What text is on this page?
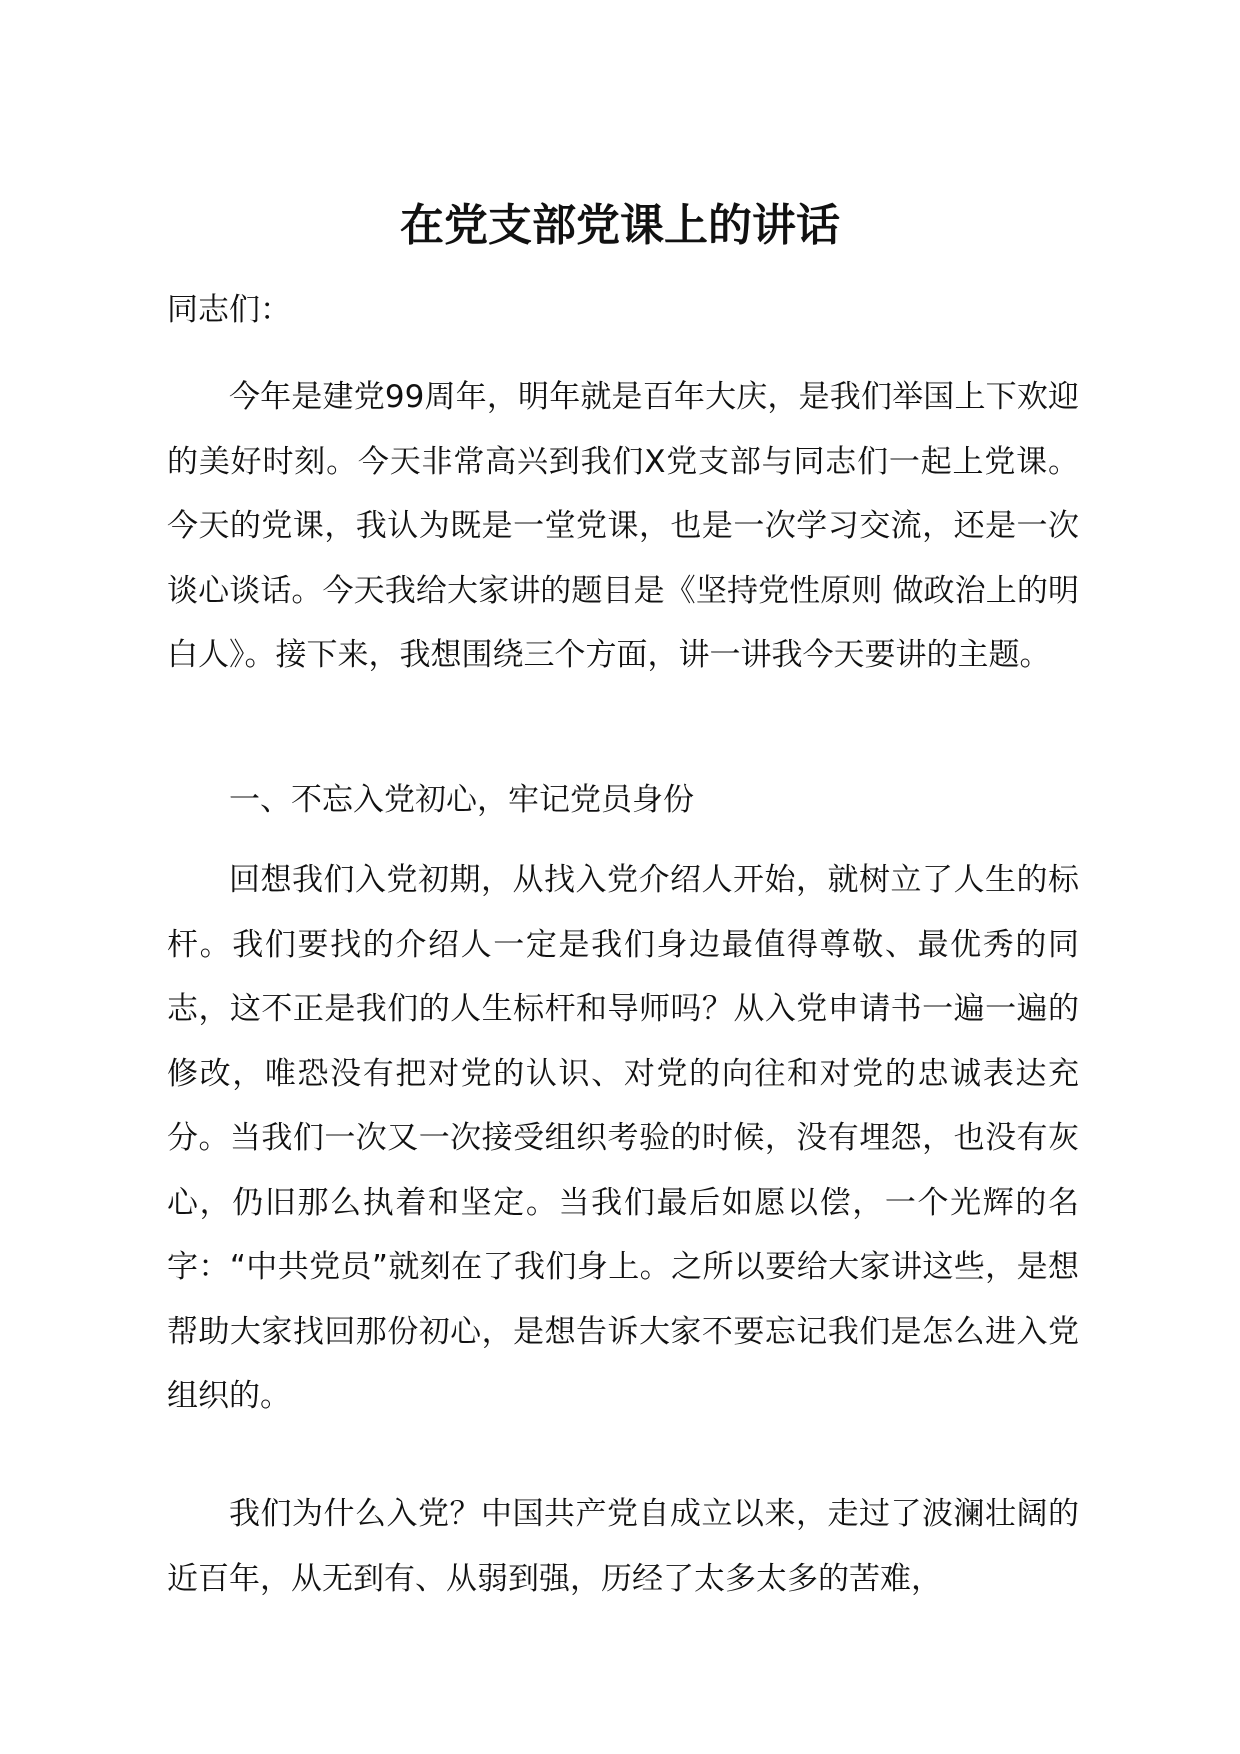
在党支部党课上的讲话

同志们：

今年是建党99周年，明年就是百年大庆，是我们举国上下欢迎的美好时刻。今天非常高兴到我们X党支部与同志们一起上党课。今天的党课，我认为既是一堂党课，也是一次学习交流，还是一次谈心谈话。今天我给大家讲的题目是《坚持党性原则 做政治上的明白人》。接下来，我想围绕三个方面，讲一讲我今天要讲的主题。

一、不忘入党初心，牢记党员身份

回想我们入党初期，从找入党介绍人开始，就树立了人生的标杆。我们要找的介绍人一定是我们身边最值得尊敬、最优秀的同志，这不正是我们的人生标杆和导师吗？从入党申请书一遍一遍的修改，唯恐没有把对党的认识、对党的向往和对党的忠诚表达充分。当我们一次又一次接受组织考验的时候，没有埋怨，也没有灰心，仍旧那么执着和坚定。当我们最后如愿以偿，一个光辉的名字：“中共党员”就刻在了我们身上。之所以要给大家讲这些，是想帮助大家找回那份初心，是想告诉大家不要忘记我们是怎么进入党组织的。

我们为什么入党？中国共产党自成立以来，走过了波澜壮阔的近百年，从无到有、从弱到强，历经了太多太多的苦难，
